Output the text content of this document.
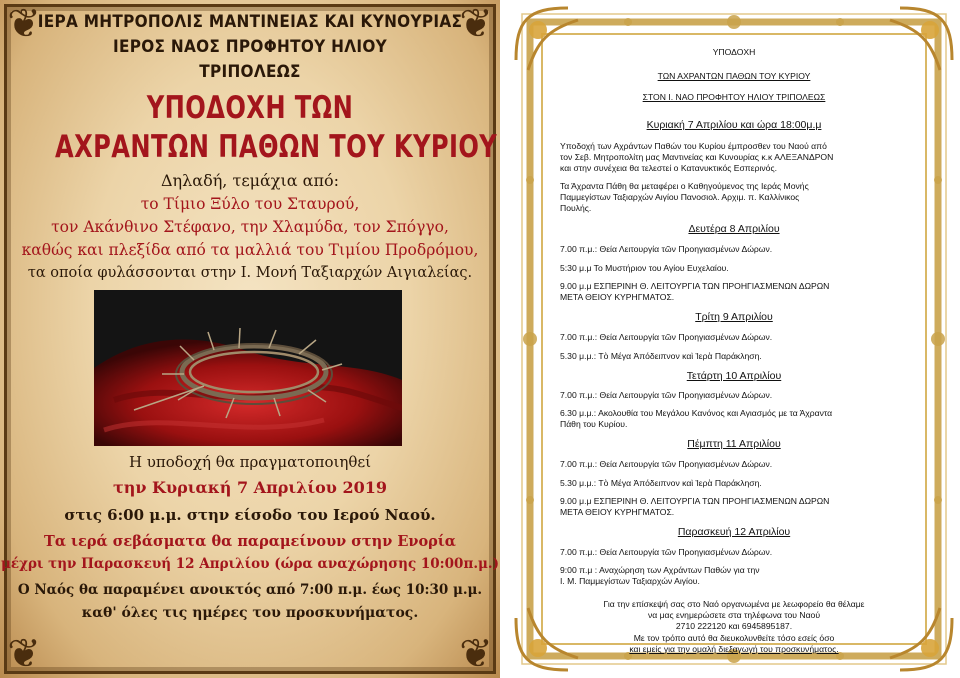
❦	❦
❦	❦
ΙΕΡΑ ΜΗΤΡΟΠΟΛΙΣ ΜΑΝΤΙΝΕΙΑΣ ΚΑΙ ΚΥΝΟΥΡΙΑΣ
ΙΕΡΟΣ ΝΑΟΣ ΠΡΟΦΗΤΟΥ ΗΛΙΟΥ
ΤΡΙΠΟΛΕΩΣ
ΥΠΟΔΟΧΗ ΤΩΝ
ΑΧΡΑΝΤΩΝ ΠΑΘΩΝ ΤΟΥ ΚΥΡΙΟΥ
Δηλαδή, τεμάχια από:
το Τίμιο Ξύλο του Σταυρού,
τον Ακάνθινο Στέφανο, την Χλαμύδα, τον Σπόγγο,
καθώς και πλεξίδα από τα μαλλιά του Τιμίου Προδρόμου,
τα οποία φυλάσσονται στην Ι. Μονή Ταξιαρχών Αιγιαλείας.
Η υποδοχή θα πραγματοποιηθεί
την Κυριακή 7 Απριλίου 2019
στις 6:00 μ.μ. στην είσοδο του Ιερού Ναού.
Τα ιερά σεβάσματα θα παραμείνουν στην Ενορία
μέχρι την Παρασκευή 12 Απριλίου (ώρα αναχώρησης 10:00π.μ.)
Ο Ναός θα παραμένει ανοικτός από 7:00 π.μ. έως 10:30 μ.μ.
καθ' όλες τις ημέρες του προσκυνήματος.
ΥΠΟΔΟΧΗ
ΤΩΝ ΑΧΡΑΝΤΩΝ ΠΑΘΩΝ ΤΟΥ ΚΥΡΙΟΥ
ΣΤΟΝ Ι. ΝΑΟ ΠΡΟΦΗΤΟΥ ΗΛΙΟΥ ΤΡΙΠΟΛΕΩΣ
Κυριακή 7 Απριλίου και ώρα 18:00μ.μ
Υποδοχή των Αχράντων Παθών του Κυρίου έμπροσθεν του Ναού από
τον Σεβ. Μητροπολίτη μας Μαντινείας και Κυνουρίας κ.κ ΑΛΕΞΑΝΔΡΟΝ
και στην συνέχεια θα τελεστεί ο Κατανυκτικός Εσπερινός.
Τα Άχραντα Πάθη θα μεταφέρει ο Καθηγούμενος της Ιεράς Μονής
Παμμεγίστων Ταξιαρχών Αιγίου Πανοσιολ. Αρχιμ. π. Καλλίνικος
Πουλής.
Δευτέρα 8 Απριλίου
7.00 π.μ.: Θεία Λειτουργία τῶν Προηγιασμένων Δώρων.
5:30 μ.μ Το Μυστήριον του Αγίου Ευχελαίου.
9.00 μ.μ ΕΣΠΕΡΙΝΗ Θ. ΛΕΙΤΟΥΡΓΙΑ ΤΩΝ ΠΡΟΗΓΙΑΣΜΕΝΩΝ ΔΩΡΩΝ
ΜΕΤΑ ΘΕΙΟΥ ΚΥΡΗΓΜΑΤΟΣ.
Τρίτη 9 Απριλίου
7.00 π.μ.: Θεία Λειτουργία τῶν Προηγιασμένων Δώρων.
5.30 μ.μ.: Τὸ Μέγα Ἀπόδειπνον καὶ Ἱερὰ Παράκληση.
Τετάρτη 10 Απριλίου
7.00 π.μ.: Θεία Λειτουργία τῶν Προηγιασμένων Δώρων.
6.30 μ.μ.: Ακολουθία του Μεγάλου Κανόνος και Αγιασμός με τα Άχραντα
Πάθη του Κυρίου.
Πέμπτη 11 Απριλίου
7.00 π.μ.: Θεία Λειτουργία τῶν Προηγιασμένων Δώρων.
5.30 μ.μ.: Τὸ Μέγα Ἀπόδειπνον καὶ Ἱερὰ Παράκληση.
9.00 μ.μ ΕΣΠΕΡΙΝΗ Θ. ΛΕΙΤΟΥΡΓΙΑ ΤΩΝ ΠΡΟΗΓΙΑΣΜΕΝΩΝ ΔΩΡΩΝ
ΜΕΤΑ ΘΕΙΟΥ ΚΥΡΗΓΜΑΤΟΣ.
Παρασκευή 12 Απριλίου
7.00 π.μ.: Θεία Λειτουργία τῶν Προηγιασμένων Δώρων.
9:00 π.μ : Αναχώρηση των Αχράντων Παθών για την
Ι. Μ. Παμμεγίστων Ταξιαρχών Αιγίου.
Για την επίσκεψή σας στο Ναό οργανωμένα με λεωφορείο θα θέλαμε
να μας ενημερώσετε στα τηλέφωνα του Ναού
2710 222120 και 6945895187.
Με τον τρόπο αυτό θα διευκολυνθείτε τόσο εσείς όσο
και εμείς για την ομαλή διεξαγωγή του προσκυνήματος.
